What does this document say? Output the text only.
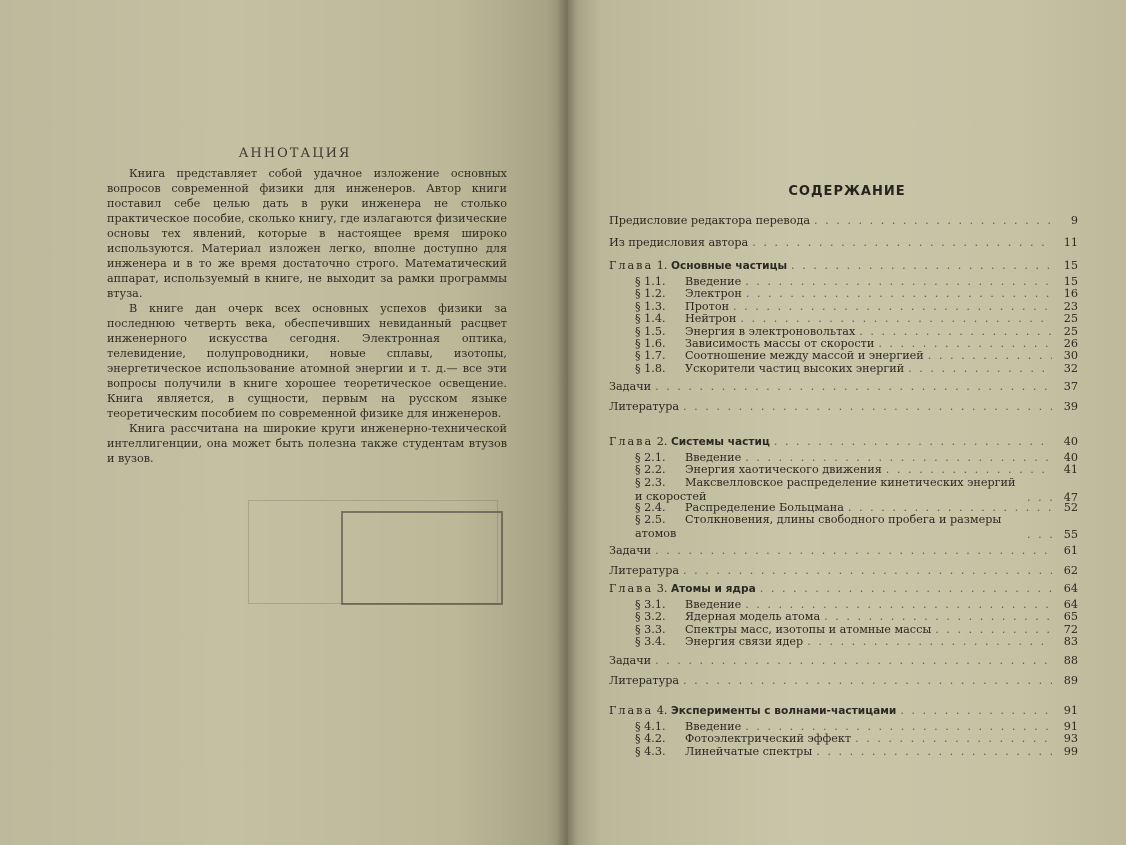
АННОТАЦИЯ

Книга представляет собой удачное изложение основных вопросов современной физики для инженеров. Автор книги поставил себе целью дать в руки инженера не столько практическое пособие, сколько книгу, где излагаются физические основы тех явлений, которые в настоящее время широко используются. Материал изложен легко, вполне доступно для инженера и в то же время достаточно строго. Математический аппарат, используемый в книге, не выходит за рамки программы втуза.

В книге дан очерк всех основных успехов физики за последнюю четверть века, обеспечивших невиданный расцвет инженерного искусства сегодня. Электронная оптика, телевидение, полупроводники, новые сплавы, изотопы, энергетическое использование атомной энергии и т. д.— все эти вопросы получили в книге хорошее теоретическое освещение. Книга является, в сущности, первым на русском языке теоретическим пособием по современной физике для инженеров.

Книга рассчитана на широкие круги инженерно-технической интеллигенции, она может быть полезна также студентам втузов и вузов.

СОДЕРЖАНИЕ
Предисловие редактора перевода . . .	9
Из предисловия автора . . .	11
Глава 1. Основные частицы . . .	15
§ 1.1. Введение . . .	15
§ 1.2. Электрон . . .	16
§ 1.3. Протон . . .	23
§ 1.4. Нейтрон . . .	25
§ 1.5. Энергия в электроновольтах . . .	25
§ 1.6. Зависимость массы от скорости . . .	26
§ 1.7. Соотношение между массой и энергией . . .	30
§ 1.8. Ускорители частиц высоких энергий . . .	32
Задачи . . .	37
Литература . . .	39
Глава 2. Системы частиц . . .	40
§ 2.1. Введение . . .	40
§ 2.2. Энергия хаотического движения . . .	41
§ 2.3. Максвелловское распределение кинетических энергий и скоростей . . .	47
§ 2.4. Распределение Больцмана . . .	52
§ 2.5. Столкновения, длины свободного пробега и размеры атомов . . .	55
Задачи . . .	61
Литература . . .	62
Глава 3. Атомы и ядра . . .	64
§ 3.1. Введение . . .	64
§ 3.2. Ядерная модель атома . . .	65
§ 3.3. Спектры масс, изотопы и атомные массы . . .	72
§ 3.4. Энергия связи ядер . . .	83
Задачи . . .	88
Литература . . .	89
Глава 4. Эксперименты с волнами-частицами . . .	91
§ 4.1. Введение . . .	91
§ 4.2. Фотоэлектрический эффект . . .	93
§ 4.3. Линейчатые спектры . . .	99
